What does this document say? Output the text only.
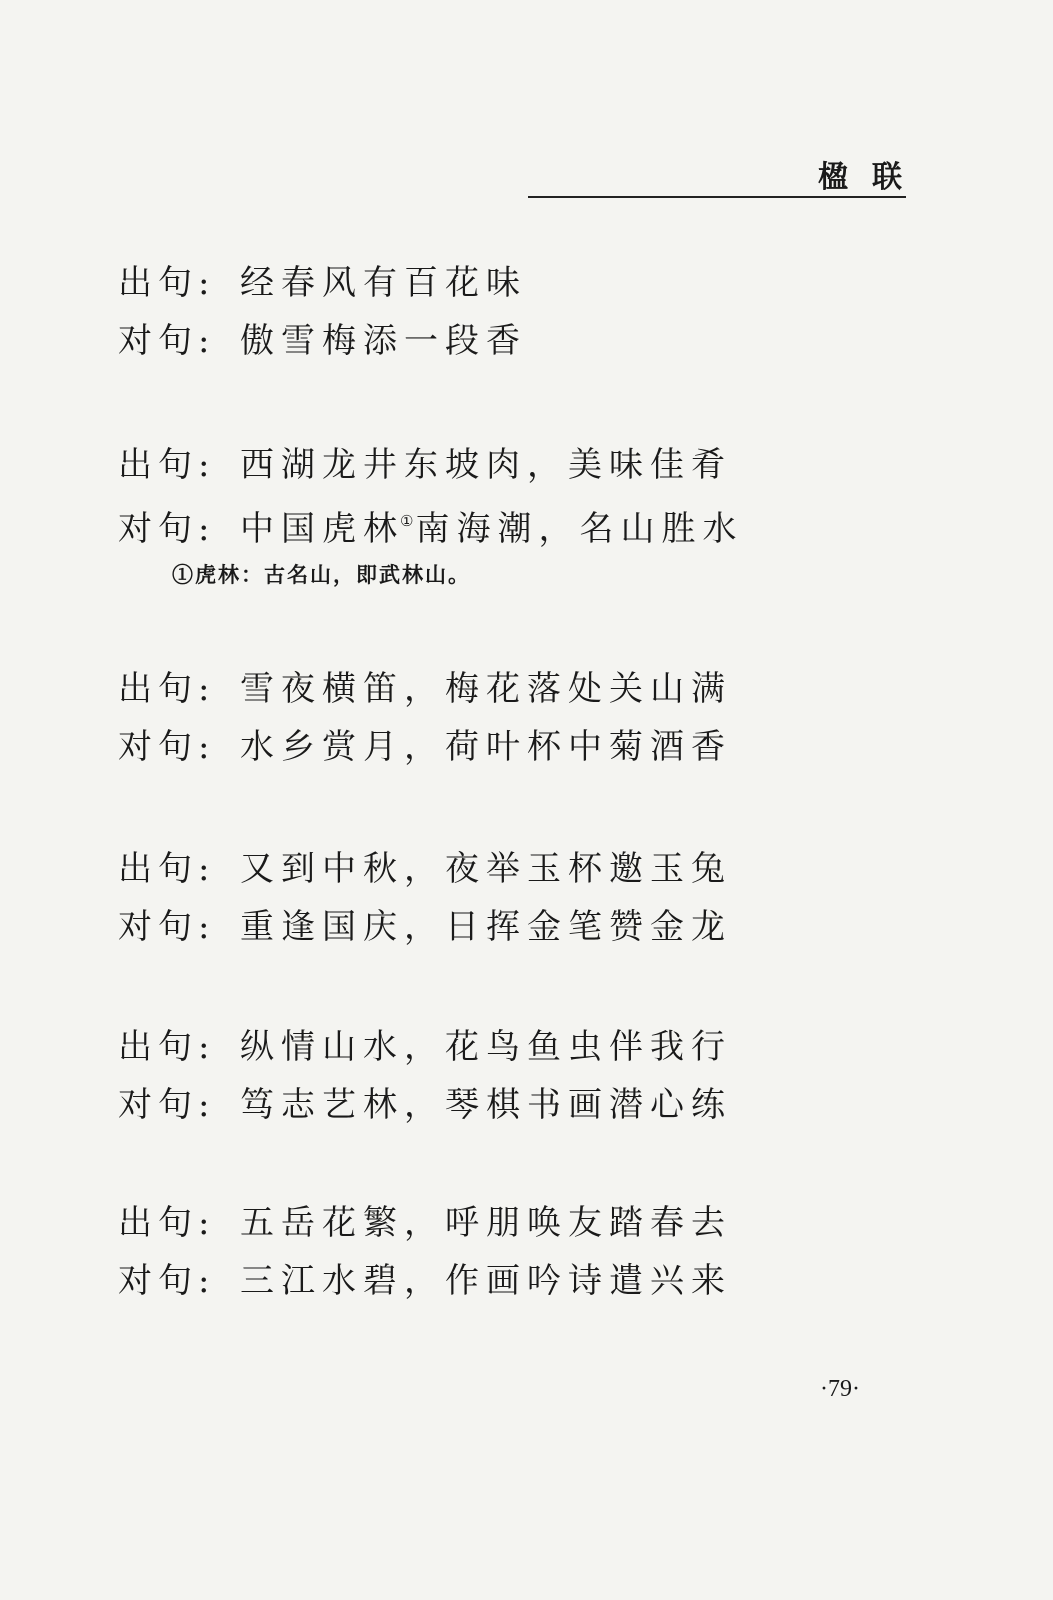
楹联
出句: 经春风有百花味
对句: 傲雪梅添一段香
出句: 西湖龙井东坡肉，美味佳肴
对句: 中国虎林①南海潮，名山胜水
①虎林：古名山，即武林山。
出句: 雪夜横笛，梅花落处关山满
对句: 水乡赏月，荷叶杯中菊酒香
出句: 又到中秋，夜举玉杯邀玉兔
对句: 重逢国庆，日挥金笔赞金龙
出句: 纵情山水，花鸟鱼虫伴我行
对句: 笃志艺林，琴棋书画潜心练
出句: 五岳花繁，呼朋唤友踏春去
对句: 三江水碧，作画吟诗遣兴来
·79·
